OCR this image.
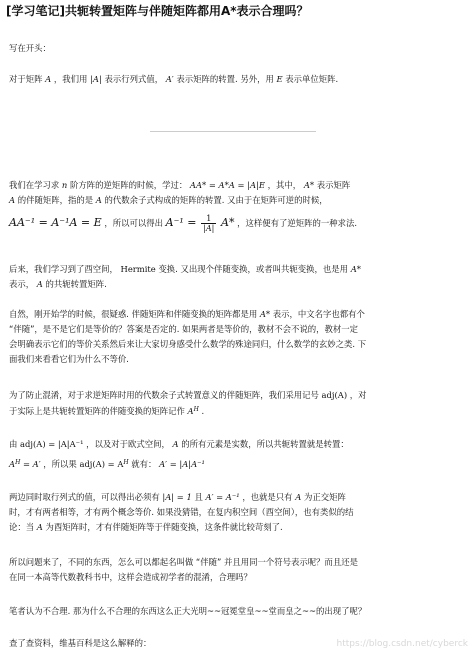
[学习笔记]共轭转置矩阵与伴随矩阵都用A*表示合理吗？
写在开头：
对于矩阵 A ，我们用 |A| 表示行列式值， A′ 表示矩阵的转置. 另外，用 E 表示单位矩阵.
我们在学习求 n 阶方阵的逆矩阵的时候，学过： AA* = A*A = |A|E ，其中， A* 表示矩阵
A 的伴随矩阵，指的是 A 的代数余子式构成的矩阵的转置. 又由于在矩阵可逆的时候，
AA⁻¹ = A⁻¹A = E ，所以可以得出 $A^{-1} = \frac{1}{|A|} A*$ ，这样便有了逆矩阵的一种求法.
后来，我们学习到了酉空间， Hermite 变换. 又出现个伴随变换，或者叫共轭变换，也是用 A*
表示， A 的共轭转置矩阵.
自然，刚开始学的时候，很疑惑. 伴随矩阵和伴随变换的矩阵都是用 A* 表示，中文名字也都有个
“伴随”，是不是它们是等价的？答案是否定的. 如果两者是等价的，教材不会不说的，教材一定
会明确表示它们的等价关系然后来让大家切身感受什么数学的殊途同归，什么数学的玄妙之类. 下
面我们来看看它们为什么不等价.
为了防止混淆，对于求逆矩阵时用的代数余子式转置意义的伴随矩阵，我们采用记号 adj(A) ，对
于实际上是共轭转置矩阵的伴随变换的矩阵记作 $A^H$ .
由 adj(A) = |A|A⁻¹ ，以及对于欧式空间， A 的所有元素是实数，所以共轭转置就是转置：
$A^H = A'$ ，所以果 $adj(A) = A^H$ 就有： A′ = |A|A⁻¹
两边同时取行列式的值，可以得出必须有 |A| = 1 且 A′ = A⁻¹ ，也就是只有 A 为正交矩阵
时，才有两者相等，才有两个概念等价. 如果没猜错，在复内积空间（酉空间），也有类似的结
论：当 A 为酉矩阵时，才有伴随矩阵等于伴随变换，这条件就比较苛刻了.
所以问题来了，不同的东西，怎么可以都起名叫做 “伴随” 并且用同一个符号表示呢？而且还是
在同一本高等代数教科书中，这样会造成初学者的混淆，合理吗？
笔者认为不合理. 那为什么不合理的东西这么正大光明~~冠冕堂皇~~堂而皇之~~的出现了呢？
查了查资料，维基百科是这么解释的：	https://blog.csdn.net/cyberck
